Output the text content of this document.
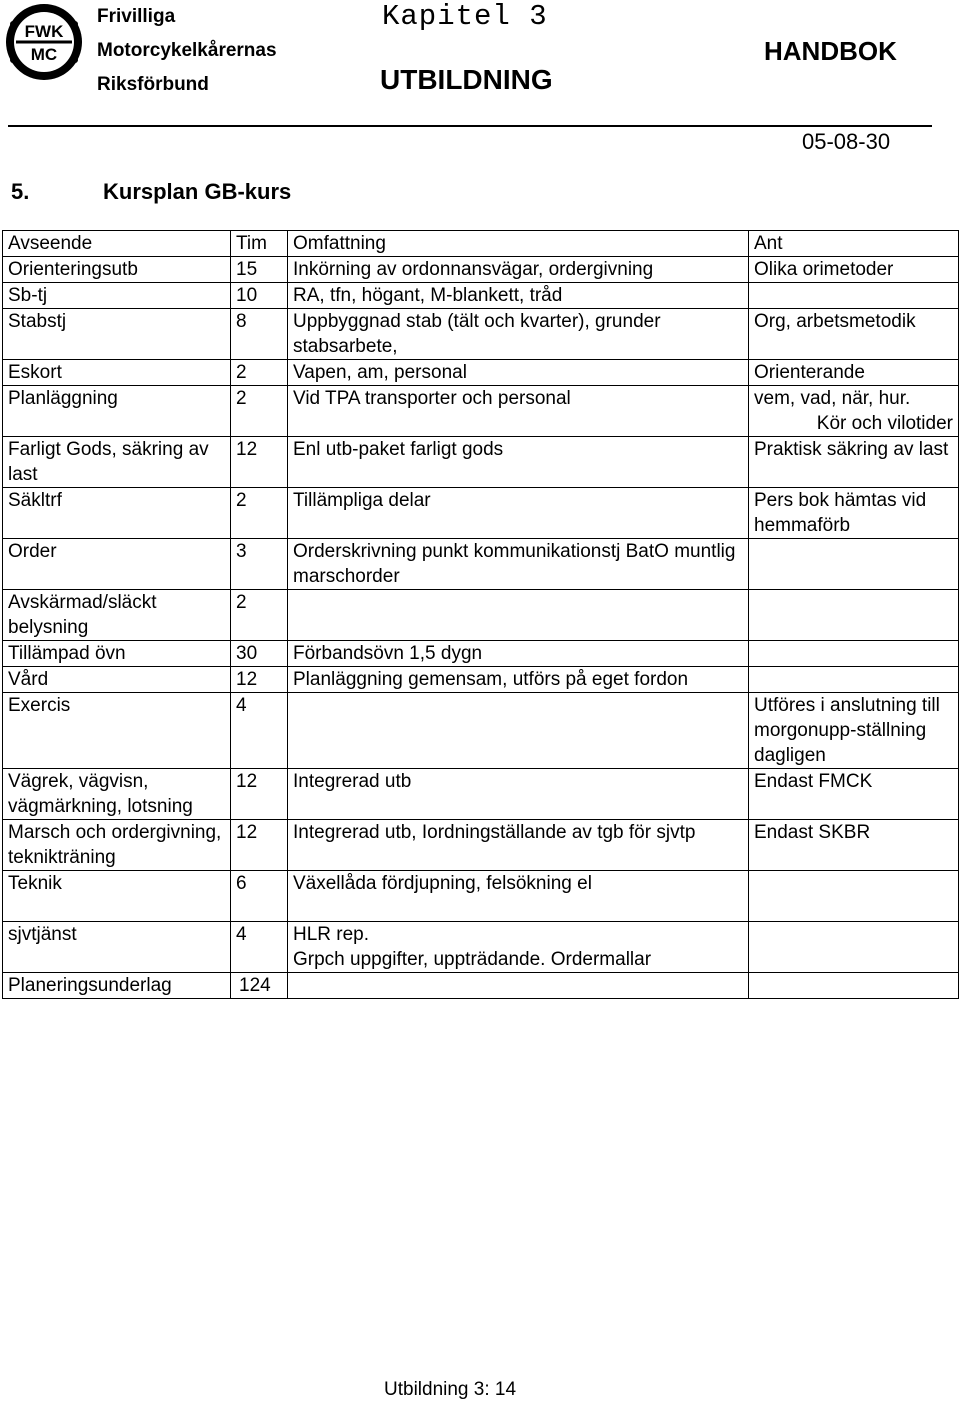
FWK
MC
Frivilliga
Motorcykelkårernas
Riksförbund
Kapitel 3
UTBILDNING
HANDBOK
05-08-30
5.	Kursplan GB-kurs
Avseende	Tim	Omfattning	Ant
Orienteringsutb	15	Inkörning av ordonnansvägar, ordergivning	Olika orimetoder
Sb-tj	10	RA, tfn, högant, M-blankett, tråd	
Stabstj	8	Uppbyggnad stab (tält och kvarter), grunder stabsarbete,	Org, arbetsmetodik
Eskort	2	Vapen, am, personal	Orienterande
Planläggning	2	Vid TPA transporter och personal	vem, vad, när, hur.
Kör och vilotider

Farligt Gods, säkring av last	12	Enl utb-paket farligt gods	Praktisk säkring av last
Säkltrf	2	Tillämpliga delar	Pers bok hämtas vid hemmaförb
Order	3	Orderskrivning punkt kommunikationstj BatO muntlig marschorder	
Avskärmad/släckt belysning	2		
Tillämpad övn	30	Förbandsövn 1,5 dygn	
Vård	12	Planläggning gemensam, utförs på eget fordon	
Exercis	4		Utföres i anslutning till morgonupp-ställning dagligen
Vägrek, vägvisn, vägmärkning, lotsning	12	Integrerad utb	Endast FMCK
Marsch och ordergivning, teknikträning	12	Integrerad utb, Iordningställande av tgb för sjvtp	Endast SKBR
Teknik	6	Växellåda fördjupning, felsökning el	
sjvtjänst	4	HLR rep.
Grpch uppgifter, uppträdande. Ordermallar	

Planeringsunderlag	124		
Utbildning 3: 14
